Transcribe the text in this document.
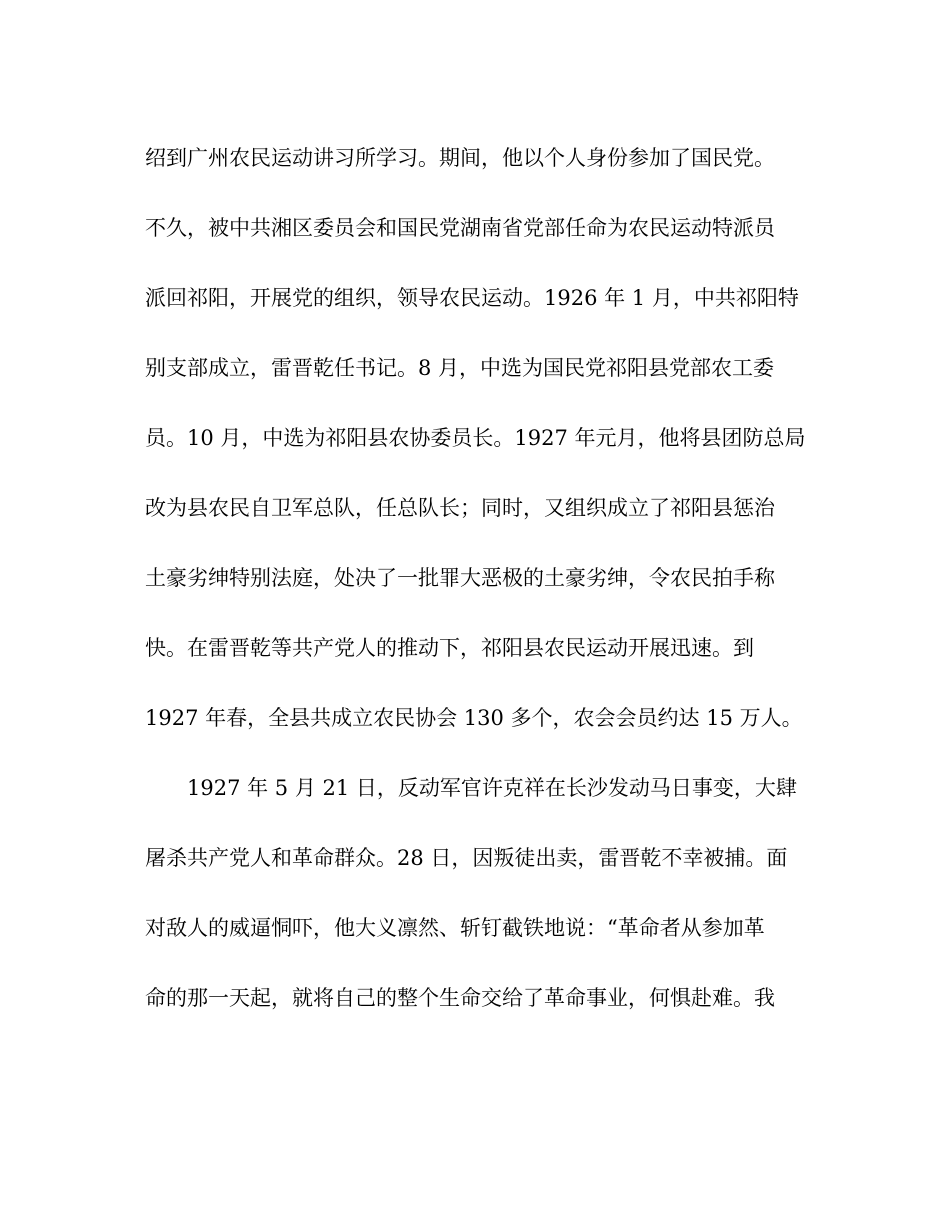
绍到广州农民运动讲习所学习。期间，他以个人身份参加了国民党。
不久，被中共湘区委员会和国民党湖南省党部任命为农民运动特派员
派回祁阳，开展党的组织，领导农民运动。1926 年 1 月，中共祁阳特
别支部成立，雷晋乾任书记。8 月，中选为国民党祁阳县党部农工委
员。10 月，中选为祁阳县农协委员长。1927 年元月，他将县团防总局
改为县农民自卫军总队，任总队长；同时，又组织成立了祁阳县惩治
土豪劣绅特别法庭，处决了一批罪大恶极的土豪劣绅，令农民拍手称
快。在雷晋乾等共产党人的推动下，祁阳县农民运动开展迅速。到
1927 年春，全县共成立农民协会 130 多个，农会会员约达 15 万人。
1927 年 5 月 21 日，反动军官许克祥在长沙发动马日事变，大肆
屠杀共产党人和革命群众。28 日，因叛徒出卖，雷晋乾不幸被捕。面
对敌人的威逼恫吓，他大义凛然、斩钉截铁地说：“革命者从参加革
命的那一天起，就将自己的整个生命交给了革命事业，何惧赴难。我
